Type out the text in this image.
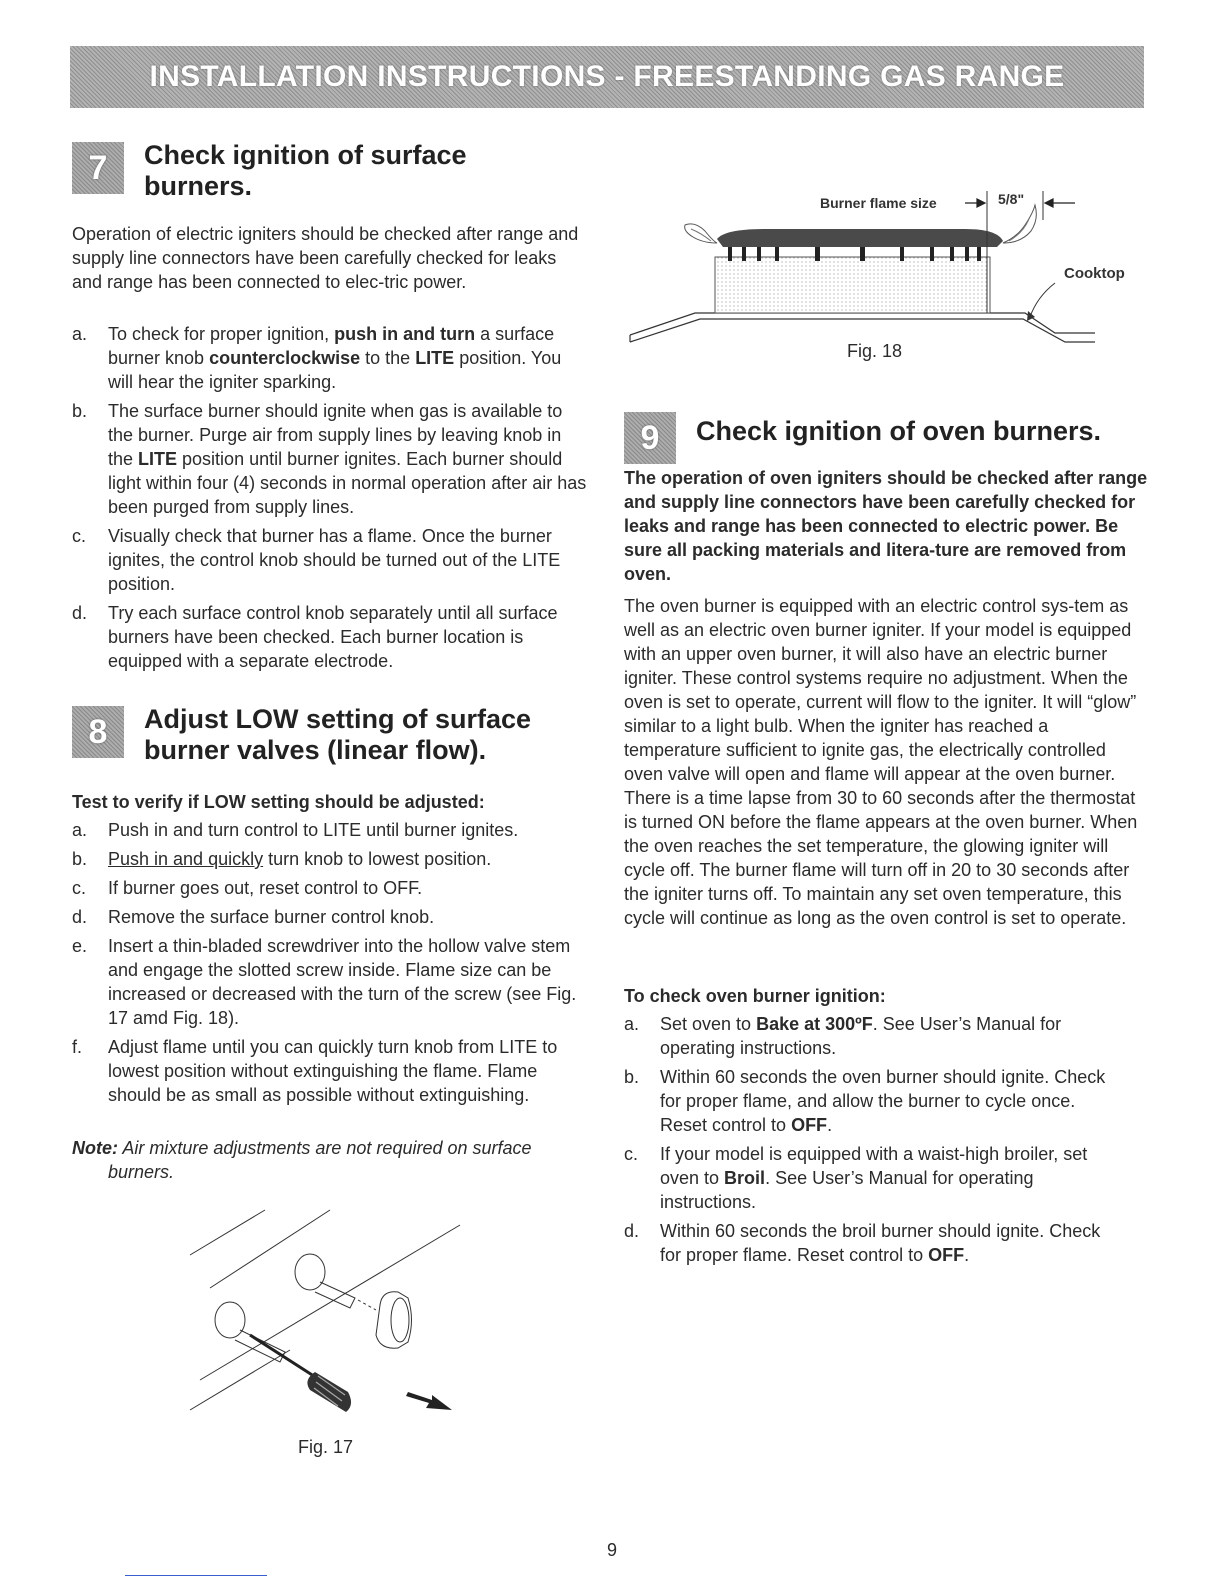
INSTALLATION INSTRUCTIONS - FREESTANDING GAS RANGE
7	Check ignition of surface
burners.

Operation of electric igniters should be checked after range and supply line connectors have been carefully checked for leaks and range has been connected to elec-tric power.

a.	To check for proper ignition, push in and turn a surface burner knob counterclockwise to the LITE position. You will hear the igniter sparking.
b.	The surface burner should ignite when gas is available to the burner. Purge air from supply lines by leaving knob in the LITE position until burner ignites. Each burner should light within four (4) seconds in normal operation after air has been purged from supply lines.
c.	Visually check that burner has a flame. Once the burner ignites, the control knob should be turned out of the LITE position.
d.	Try each surface control knob separately until all surface burners have been checked. Each burner location is equipped with a separate electrode.
8	Adjust LOW setting of surface
burner valves (linear flow).

Test to verify if LOW setting should be adjusted:

a.	Push in and turn control to LITE until burner ignites.
b.	Push in and quickly turn knob to lowest position.
c.	If burner goes out, reset control to OFF.
d.	Remove the surface burner control knob.
e.	Insert a thin-bladed screwdriver into the hollow valve stem and engage the slotted screw inside. Flame size can be increased or decreased with the turn of the screw (see Fig. 17 amd Fig. 18).
f.	Adjust flame until you can quickly turn knob from LITE to lowest position without extinguishing the flame. Flame should be as small as possible without extinguishing.

Note: Air mixture adjustments are not required on surface burners.

Fig. 17
Burner flame size	5/8"
Cooktop
Fig. 18
9	Check ignition of oven burners.

The operation of oven igniters should be checked after range and supply line connectors have been carefully checked for leaks and range has been connected to electric power. Be sure all packing materials and litera-ture are removed from oven.

The oven burner is equipped with an electric control sys-tem as well as an electric oven burner igniter. If your model is equipped with an upper oven burner, it will also have an electric burner igniter. These control systems require no adjustment. When the oven is set to operate, current will flow to the igniter. It will “glow” similar to a light bulb. When the igniter has reached a temperature sufficient to ignite gas, the electrically controlled oven valve will open and flame will appear at the oven burner. There is a time lapse from 30 to 60 seconds after the thermostat is turned ON before the flame appears at the oven burner. When the oven reaches the set temperature, the glowing igniter will cycle off. The burner flame will turn off in 20 to 30 seconds after the igniter turns off. To maintain any set oven temperature, this cycle will continue as long as the oven control is set to operate.

To check oven burner ignition:

a.	Set oven to Bake at 300ºF. See User’s Manual for operating instructions.
b.	Within 60 seconds the oven burner should ignite. Check for proper flame, and allow the burner to cycle once. Reset control to OFF.
c.	If your model is equipped with a waist-high broiler, set oven to Broil. See User’s Manual for operating instructions.
d.	Within 60 seconds the broil burner should ignite. Check for proper flame. Reset control to OFF.
9
